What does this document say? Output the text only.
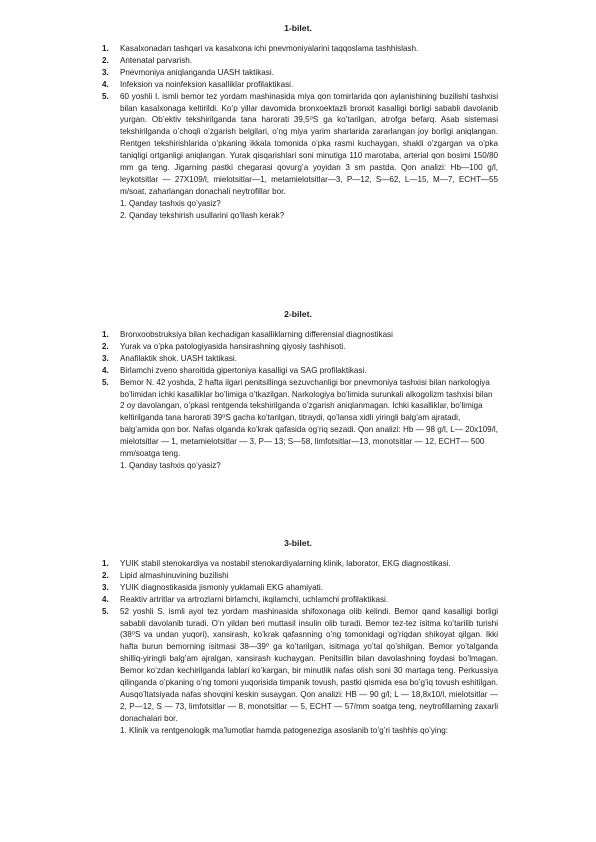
1-bilet.
1. Kasalxonadan tashqari va kasalxona ichi pnevmoniyalarini taqqoslama tashhislash.
2. Antenatal parvarish.
3. Pnevmoniya aniqlanganda UASH taktikasi.
4. Infeksion va noinfeksion kasalliklar profilaktikasi.
5. 60 yoshli I. ismli bemor tez yordam mashinasida miya qon tomirlarida qon aylanishining buzilishi tashxisi bilan kasalxonaga keltirildi. Ko’p yillar davomida bronxoektazli bronxit kasalligi borligi sababli davolanib yurgan. Ob’ektiv tekshirilganda tana harorati 39,5⁰S ga ko’tarilgan, atrofga befarq. Asab sistemasi tekshirilganda o’choqli o’zgarish belgilari, o’ng miya yarim sharlarida zararlangan joy borligi aniqlangan. Rentgen tekshirishlarida o’pkaning ikkala tomonida o’pka rasmi kuchaygan, shakli o’zgargan va o’pka taniqligi ortganligi aniqlangan. Yurak qisqarishlari soni minutiga 110 marotaba, arterial qon bosimi 150/80 mm ga teng. Jigarning pastki chegarasi qovurg’a yoyidan 3 sm pastda. Qon analizi: Hb—100 g/l, leykotsitlar — 27X109/l, mielotsitlar—1, metamielotsitlar—3, P—12, S—62, L—15, M—7, ECHT—55 m/soat, zaharlangan donachali neytrofillar bor.
1. Qanday tashxis qo’yasiz?
2. Qanday tekshirish usullarini qo’llash kerak?
2-bilet.
1. Bronxoobstruksiya bilan kechadigan kasalliklarning differensial diagnostikasi
2. Yurak va o’pka patologiyasida hansirashning qiyosiy tashhisoti.
3. Anafilaktik shok. UASH taktikasi.
4. Birlamchi zveno sharoitida gipertoniya kasalligi va SAG profilaktikasi.
5. Bemor N. 42 yoshda, 2 hafta ilgari penitsillinga sezuvchanligi bor pnevmoniya tashxisi bilan narkologiya bo’limidan ichki kasalliklar bo’limiga o’tkazilgan. Narkologiya bo’limida surunkali alkogolizm tashxisi bilan 2 oy davolangan, o’pkasi rentgenda tekshirilganda o’zgarish aniqlanmagan. Ichki kasalliklar, bo’limiga keltirilganda tana harorati 39⁰S gacha ko’tarilgan, titraydi, qo’lansa xidli yiringli balg’am ajratadi, balg’amida qon bor. Nafas olganda ko’krak qafasida og’riq sezadi. Qon analizi: Hb — 98 g/l, L— 20x109/l, mielotsitlar — 1, metamielotsitlar — 3, P— 13; S—58, limfotsitlar—13, monotsitlar — 12, ECHT— 500 mm/soatga teng.
1. Qanday tashxis qo’yasiz?
3-bilet.
1. YUIK stabil stenokardiya va nostabil stenokardiyalarning klinik, laborator, EKG diagnostikasi.
2. Lipid almashinuvining buzilishi
3. YUIK diagnostikasida jismoniy yuklamali EKG ahamiyati.
4. Reaktiv artritlar va artrozlarni birlamchi, ikqilamchi, uchlamchi profilaktikasi.
5. 52 yoshli S. ismli ayol tez yordam mashinasida shifoxonaga olib kelindi. Bemor qand kasalligi borligi sababli davolanib turadi. O’n yildan beri muttasil insulin olib turadi. Bemor tez-tez isitma ko’tarilib turishi (38⁰S va undan yuqori), xansirash, ko’krak qafasnning o’ng tomonidagi og’riqdan shikoyat qilgan. Ikki hafta burun bemorning isitmasi 38—39⁰ ga ko’tarilgan, isitmaga yo’tal qo’shilgan. Bemor yo’talganda shilliq-yiringli balg’am ajralgan, xansirash kuchaygan. Penitsillin bilan davolashning foydasi bo’lmagan. Bemor ko’zdan kechirilganda lablari ko’kargan, bir minutlik nafas olish soni 30 martaga teng. Perkussiya qilinganda o’pkaning o’ng tomoni yuqorisida timpanik tovush, pastki qismida esa bo’g’iq tovush eshitilgan. Ausqo’ltatsiyada nafas shovqini keskin susaygan. Qon analizi: HB — 90 g/l; L — 18,8x10/l, mielotsitlar — 2, P—12, S — 73, limfotsitlar — 8, monotsitlar — 5, ECHT — 57/mm soatga teng, neytrofillarning zaxarli donachalari bor.
1. Klinik va rentgenologik ma’lumotlar hamda patogeneziga asoslanib to’g’ri tashhis qo’ying:
